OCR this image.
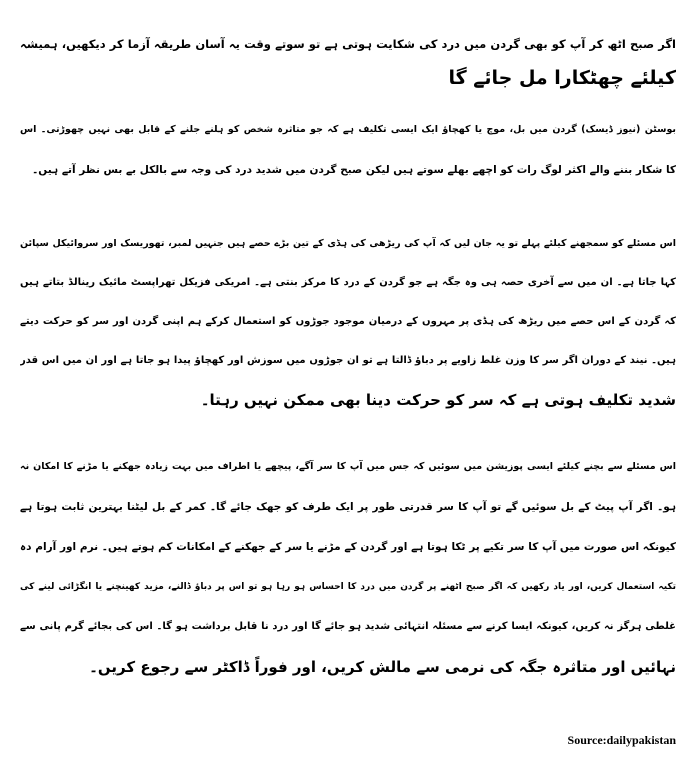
اگر صبح اٹھ کر آپ کو بھی گردن میں درد کی شکایت ہوتی ہے تو سوتے وقت یہ آسان طریقہ آزما کر دیکھیں، ہمیشہ
کیلئے چھٹکارا مل جائے گا
بوسٹن (نیوز ڈیسک) گردن میں بل، موچ یا کھچاؤ ایک ایسی تکلیف ہے کہ جو متاثرہ شخص کو ہلنے جلنے کے قابل بھی نہیں چھوڑتی۔ اس
کا شکار بننے والے اکثر لوگ رات کو اچھے بھلے سوتے ہیں لیکن صبح گردن میں شدید درد کی وجہ سے بالکل بے بس نظر آتے ہیں۔
اس مسئلے کو سمجھنے کیلئے پہلے تو یہ جان لیں کہ آپ کی ریڑھی کی ہڈی کے تین بڑے حصے ہیں جنہیں لمبر، تھوریسک اور سروائیکل سپائن
کہا جاتا ہے۔ ان میں سے آخری حصہ ہی وہ جگہ ہے جو گردن کے درد کا مرکز بنتی ہے۔ امریکی فزیکل تھراپسٹ مائیک رینالڈ بتاتے ہیں
کہ گردن کے اس حصے میں ریڑھ کی ہڈی پر مہروں کے درمیان موجود جوڑوں کو استعمال کرکے ہم اپنی گردن اور سر کو حرکت دیتے
ہیں۔ نیند کے دوران اگر سر کا وزن غلط زاویے پر دباؤ ڈالتا ہے تو ان جوڑوں میں سوزش اور کھچاؤ پیدا ہو جاتا ہے اور ان میں اس قدر
شدید تکلیف ہوتی ہے کہ سر کو حرکت دینا بھی ممکن نہیں رہتا۔
اس مسئلے سے بچنے کیلئے ایسی پوزیشن میں سوئیں کہ جس میں آپ کا سر آگے، پیچھے یا اطراف میں بہت زیادہ جھکنے یا مڑنے کا امکان نہ
ہو۔ اگر آپ پیٹ کے بل سوئیں گے تو آپ کا سر قدرتی طور پر ایک طرف کو جھک جائے گا۔ کمر کے بل لیٹنا بہترین ثابت ہوتا ہے
کیونکہ اس صورت میں آپ کا سر تکیے پر ٹکا ہوتا ہے اور گردن کے مڑنے یا سر کے جھکنے کے امکانات کم ہوتے ہیں۔ نرم اور آرام دہ
تکیہ استعمال کریں، اور یاد رکھیں کہ اگر صبح اٹھنے پر گردن میں درد کا احساس ہو رہا ہو تو اس پر دباؤ ڈالنے، مزید کھینچنے یا انگڑائی لینے کی
غلطی ہرگز نہ کریں، کیونکہ ایسا کرنے سے مسئلہ انتہائی شدید ہو جائے گا اور درد نا قابل برداشت ہو گا۔ اس کی بجائے گرم پانی سے
نہائیں اور متاثرہ جگہ کی نرمی سے مالش کریں، اور فوراً ڈاکٹر سے رجوع کریں۔
Source:dailypakistan
